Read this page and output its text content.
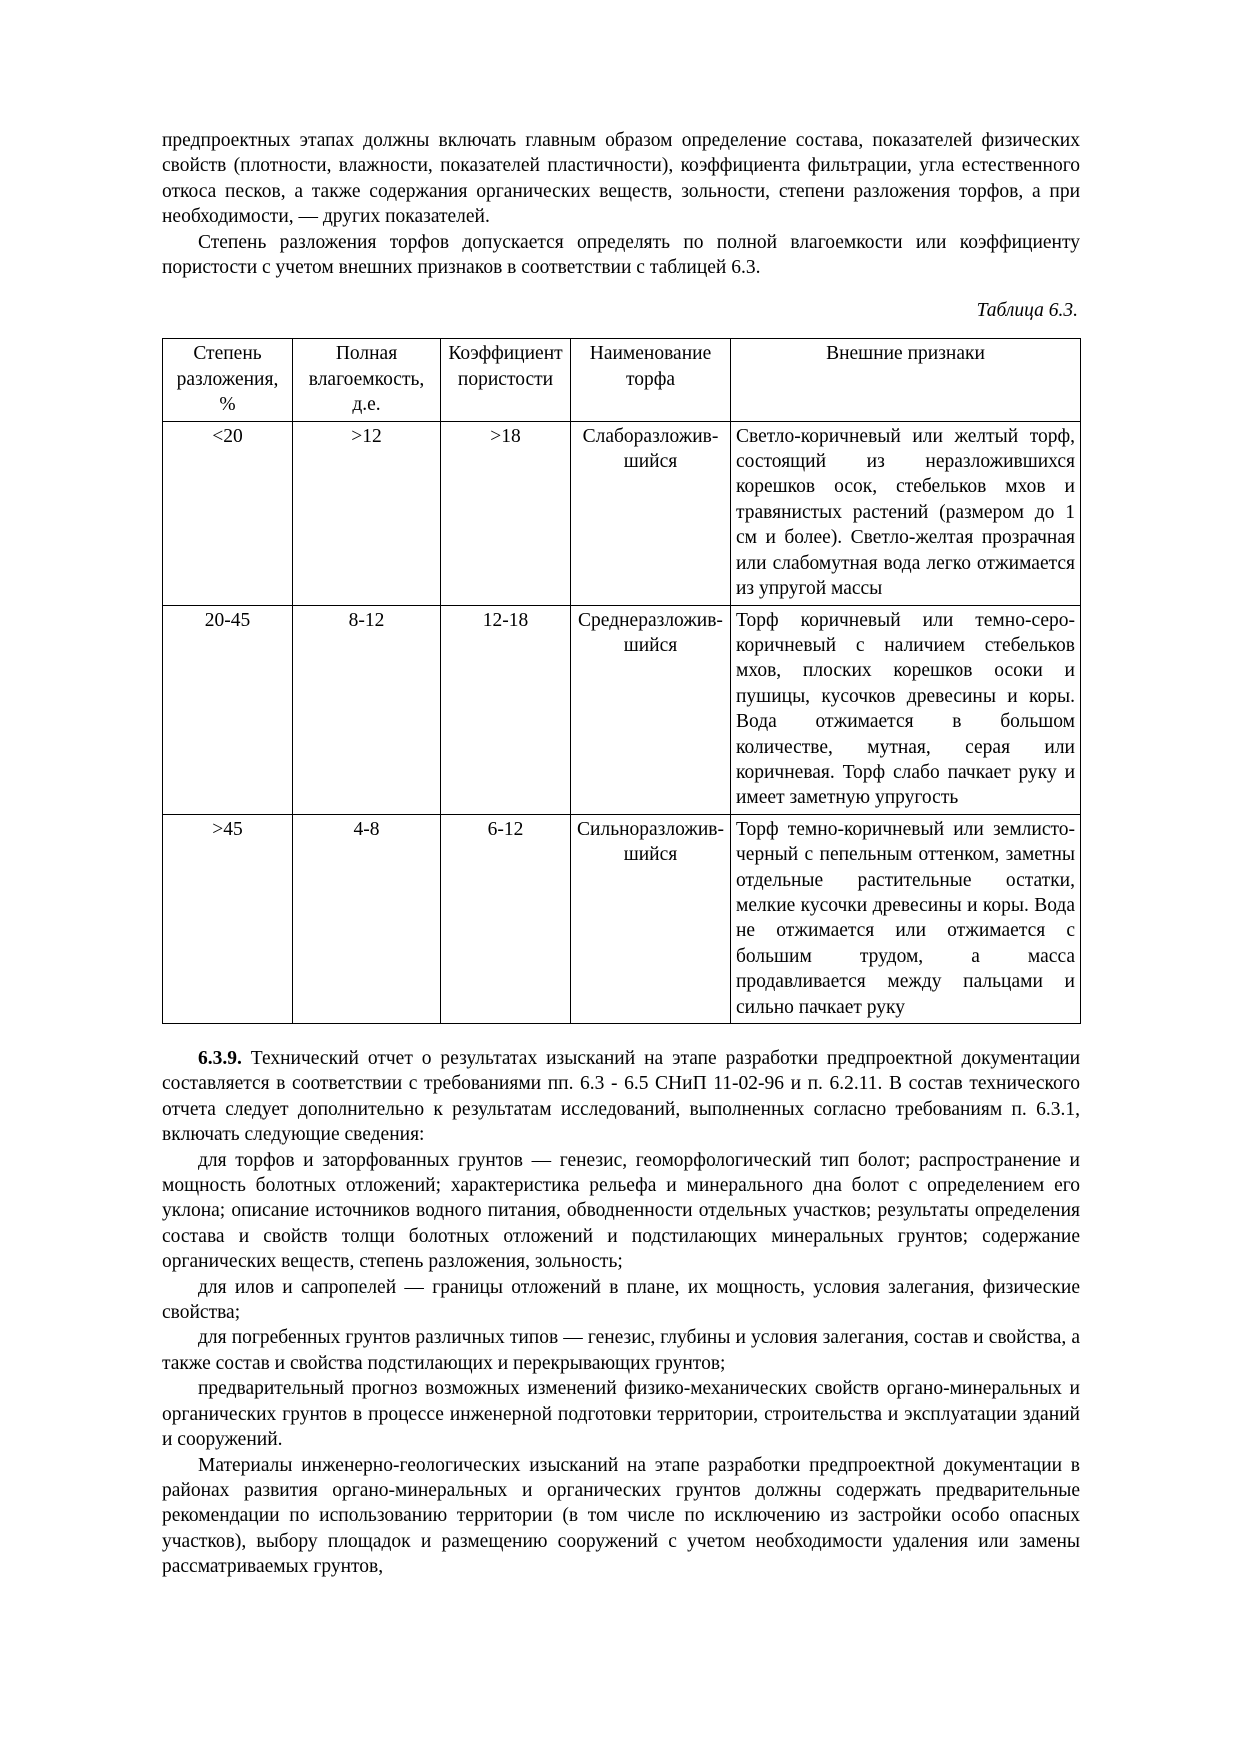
предпроектных этапах должны включать главным образом определение состава, показателей физических свойств (плотности, влажности, показателей пластичности), коэффициента фильтрации, угла естественного откоса песков, а также содержания органических веществ, зольности, степени разложения торфов, а при необходимости, — других показателей.

Степень разложения торфов допускается определять по полной влагоемкости или коэффициенту пористости с учетом внешних признаков в соответствии с таблицей 6.3.

Таблица 6.3.
Степень разложения, %	Полная влагоемкость, д.е.	Коэффициент пористости	Наименование торфа	Внешние признаки
<20	>12	>18	Слаборазложив-шийся	Светло-коричневый или желтый торф, состоящий из неразложившихся корешков осок, стебельков мхов и травянистых растений (размером до 1 см и более). Светло-желтая прозрачная или слабомутная вода легко отжимается из упругой массы
20-45	8-12	12-18	Среднеразложив-шийся	Торф коричневый или темно-серо-коричневый с наличием стебельков мхов, плоских корешков осоки и пушицы, кусочков древесины и коры. Вода отжимается в большом количестве, мутная, серая или коричневая. Торф слабо пачкает руку и имеет заметную упругость
>45	4-8	6-12	Сильноразложив-шийся	Торф темно-коричневый или землисто-черный с пепельным оттенком, заметны отдельные растительные остатки, мелкие кусочки древесины и коры. Вода не отжимается или отжимается с большим трудом, а масса продавливается между пальцами и сильно пачкает руку

6.3.9. Технический отчет о результатах изысканий на этапе разработки предпроектной документации составляется в соответствии с требованиями пп. 6.3 - 6.5 СНиП 11-02-96 и п. 6.2.11. В состав технического отчета следует дополнительно к результатам исследований, выполненных согласно требованиям п. 6.3.1, включать следующие сведения:

для торфов и заторфованных грунтов — генезис, геоморфологический тип болот; распространение и мощность болотных отложений; характеристика рельефа и минерального дна болот с определением его уклона; описание источников водного питания, обводненности отдельных участков; результаты определения состава и свойств толщи болотных отложений и подстилающих минеральных грунтов; содержание органических веществ, степень разложения, зольность;

для илов и сапропелей — границы отложений в плане, их мощность, условия залегания, физические свойства;

для погребенных грунтов различных типов — генезис, глубины и условия залегания, состав и свойства, а также состав и свойства подстилающих и перекрывающих грунтов;

предварительный прогноз возможных изменений физико-механических свойств органо-минеральных и органических грунтов в процессе инженерной подготовки территории, строительства и эксплуатации зданий и сооружений.

Материалы инженерно-геологических изысканий на этапе разработки предпроектной документации в районах развития органо-минеральных и органических грунтов должны содержать предварительные рекомендации по использованию территории (в том числе по исключению из застройки особо опасных участков), выбору площадок и размещению сооружений с учетом необходимости удаления или замены рассматриваемых грунтов,
